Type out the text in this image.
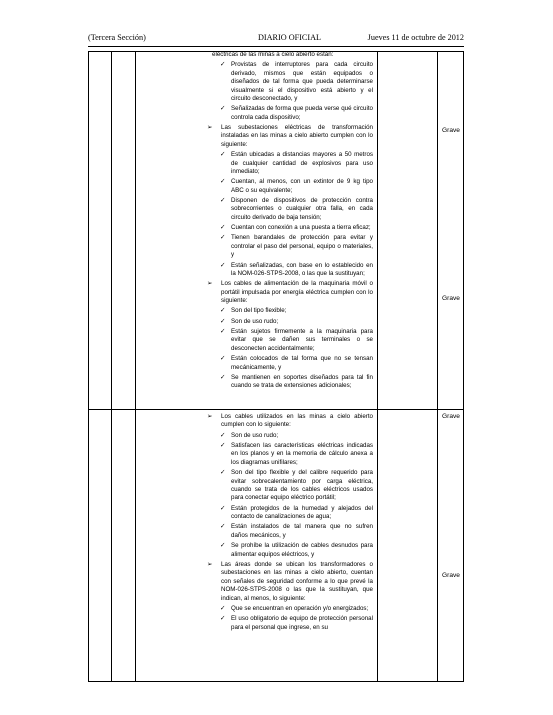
(Tercera Sección)	DIARIO OFICIAL	Jueves 11 de octubre de 2012
eléctricas de las minas a cielo abierto están:
✓ Provistas de interruptores para cada circuito derivado, mismos que están equipados o diseñados de tal forma que pueda determinarse visualmente si el dispositivo está abierto y el circuito desconectado, y
✓ Señalizadas de forma que pueda verse qué circuito controla cada dispositivo;
➢ Las subestaciones eléctricas de transformación instaladas en las minas a cielo abierto cumplen con lo siguiente:
✓ Están ubicadas a distancias mayores a 50 metros de cualquier cantidad de explosivos para uso inmediato;
✓ Cuentan, al menos, con un extintor de 9 kg tipo ABC o su equivalente;
✓ Disponen de dispositivos de protección contra sobrecorrientes o cualquier otra falla, en cada circuito derivado de baja tensión;
✓ Cuentan con conexión a una puesta a tierra eficaz;
✓ Tienen barandales de protección para evitar y controlar el paso del personal, equipo o materiales, y
✓ Están señalizadas, con base en lo establecido en la NOM-026-STPS-2008, o las que la sustituyan;
➢ Los cables de alimentación de la maquinaria móvil o portátil impulsada por energía eléctrica cumplen con lo siguiente:
✓ Son del tipo flexible;
✓ Son de uso rudo;
✓ Están sujetos firmemente a la maquinaria para evitar que se dañen sus terminales o se desconecten accidentalmente;
✓ Están colocados de tal forma que no se tensan mecánicamente, y
✓ Se mantienen en soportes diseñados para tal fin cuando se trata de extensiones adicionales;
Grave
Grave
➢ Los cables utilizados en las minas a cielo abierto cumplen con lo siguiente:
✓ Son de uso rudo;
✓ Satisfacen las características eléctricas indicadas en los planos y en la memoria de cálculo anexa a los diagramas unifilares;
✓ Son del tipo flexible y del calibre requerido para evitar sobrecalentamiento por carga eléctrica, cuando se trata de los cables eléctricos usados para conectar equipo eléctrico portátil;
✓ Están protegidos de la humedad y alejados del contacto de canalizaciones de agua;
✓ Están instalados de tal manera que no sufren daños mecánicos, y
✓ Se prohíbe la utilización de cables desnudos para alimentar equipos eléctricos, y
➢ Las áreas donde se ubican los transformadores o subestaciones en las minas a cielo abierto, cuentan con señales de seguridad conforme a lo que prevé la NOM-026-STPS-2008 o las que la sustituyan, que indican, al menos, lo siguiente:
✓ Que se encuentran en operación y/o energizados;
✓ El uso obligatorio de equipo de protección personal para el personal que ingrese, en su
Grave
Grave
